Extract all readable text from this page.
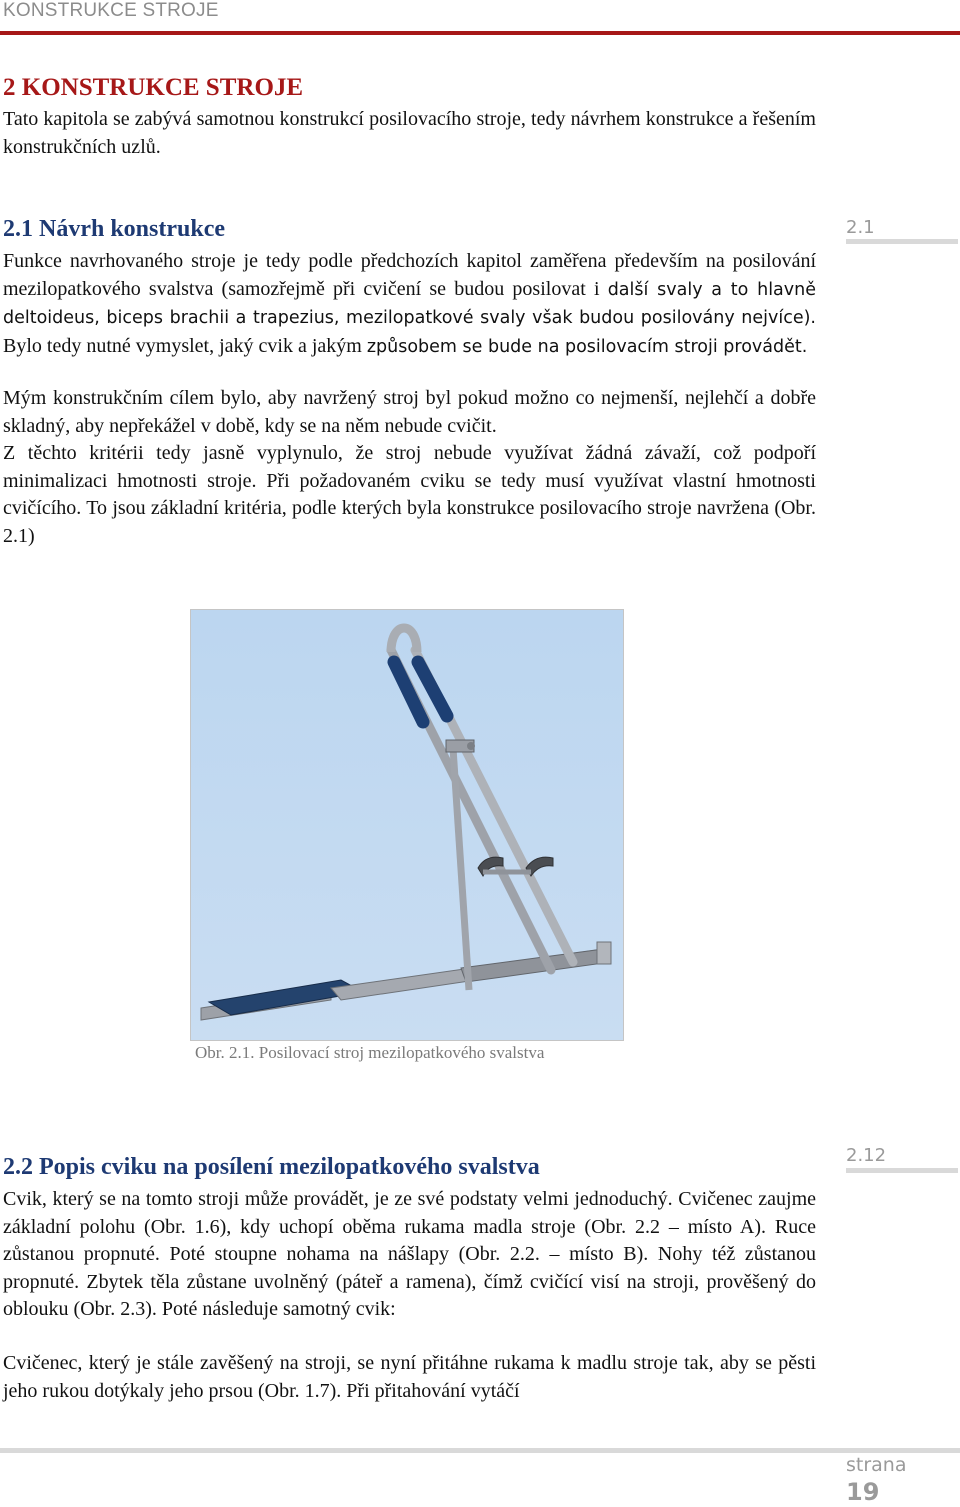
KONSTRUKCE STROJE
2 KONSTRUKCE STROJE

Tato kapitola se zabývá samotnou konstrukcí posilovacího stroje, tedy návrhem konstrukce a řešením konstrukčních uzlů.

2.1 Návrh konstrukce	2.1

Funkce navrhovaného stroje je tedy podle předchozích kapitol zaměřena především na posilování mezilopatkového svalstva (samozřejmě při cvičení se budou posilovat i další svaly a to hlavně deltoideus, biceps brachii a trapezius, mezilopatkové svaly však budou posilovány nejvíce). Bylo tedy nutné vymyslet, jaký cvik a jakým způsobem se bude na posilovacím stroji provádět.

Mým konstrukčním cílem bylo, aby navržený stroj byl pokud možno co nejmenší, nejlehčí a dobře skladný, aby nepřekážel v době, kdy se na něm nebude cvičit.

Z těchto kritérii tedy jasně vyplynulo, že stroj nebude využívat žádná závaží, což podpoří minimalizaci hmotnosti stroje. Při požadovaném cviku se tedy musí využívat vlastní hmotnosti cvičícího. To jsou základní kritéria, podle kterých byla konstrukce posilovacího stroje navržena (Obr. 2.1)

Obr. 2.1. Posilovací stroj mezilopatkového svalstva
2.2 Popis cviku na posílení mezilopatkového svalstva	2.12

Cvik, který se na tomto stroji může provádět, je ze své podstaty velmi jednoduchý. Cvičenec zaujme základní polohu (Obr. 1.6), kdy uchopí oběma rukama madla stroje (Obr. 2.2 – místo A). Ruce zůstanou propnuté. Poté stoupne nohama na nášlapy (Obr. 2.2. – místo B). Nohy též zůstanou propnuté. Zbytek těla zůstane uvolněný (páteř a ramena), čímž cvičící visí na stroji, prověšený do oblouku (Obr. 2.3). Poté následuje samotný cvik:

Cvičenec, který je stále zavěšený na stroji, se nyní přitáhne rukama k madlu stroje tak, aby se pěsti jeho rukou dotýkaly jeho prsou (Obr. 1.7). Při přitahování vytáčí

strana
19
